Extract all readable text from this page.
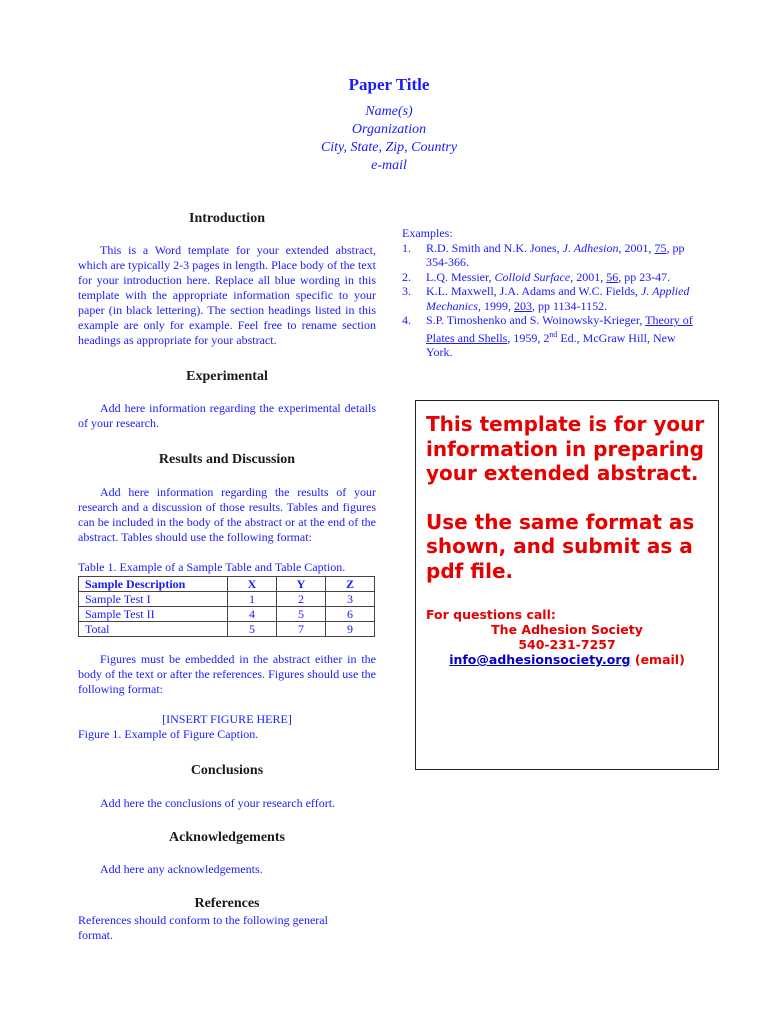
Paper Title
Name(s)
Organization
City, State, Zip, Country
e-mail
Introduction

This is a Word template for your extended abstract, which are typically 2-3 pages in length. Place body of the text for your introduction here. Replace all blue wording in this template with the appropriate information specific to your paper (in black lettering). The section headings listed in this example are only for example. Feel free to rename section headings as appropriate for your abstract.

Experimental

Add here information regarding the experimental details of your research.

Results and Discussion

Add here information regarding the results of your research and a discussion of those results. Tables and figures can be included in the body of the abstract or at the end of the abstract. Tables should use the following format:

Table 1. Example of a Sample Table and Table Caption.
Sample Description	X	Y	Z
Sample Test I	1	2	3
Sample Test II	4	5	6
Total	5	7	9

Figures must be embedded in the abstract either in the body of the text or after the references. Figures should use the following format:

[INSERT FIGURE HERE]
Figure 1. Example of Figure Caption.
Conclusions

Add here the conclusions of your research effort.

Acknowledgements

Add here any acknowledgements.

References

References should conform to the following general format.

Examples:
1.	R.D. Smith and N.K. Jones, J. Adhesion, 2001, 75, pp 354-366.
2.	L.Q. Messier, Colloid Surface, 2001, 56, pp 23-47.
3.	K.L. Maxwell, J.A. Adams and W.C. Fields, J. Applied Mechanics, 1999, 203, pp 1134-1152.
4.	S.P. Timoshenko and S. Woinowsky-Krieger, Theory of Plates and Shells, 1959, 2nd Ed., McGraw Hill, New York.

This template is for your information in preparing your extended abstract.

Use the same format as shown, and submit as a pdf file.

For questions call:
The Adhesion Society
540-231-7257
info@adhesionsociety.org (email)
